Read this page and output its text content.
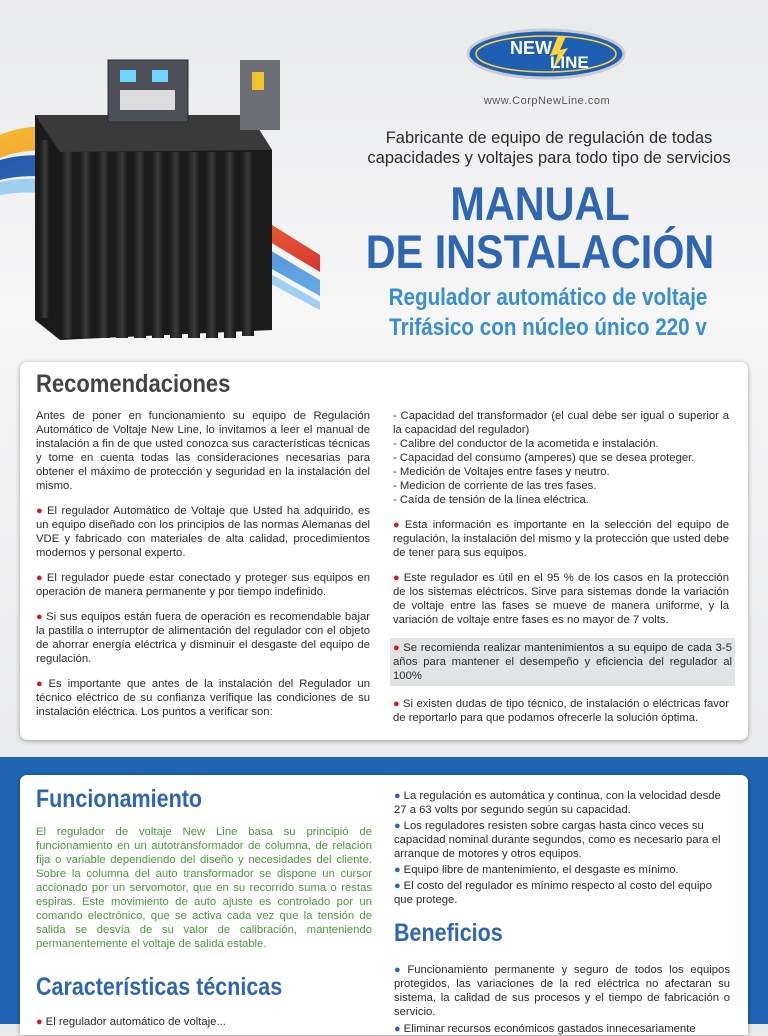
NEW
LINE
www.CorpNewLine.com
Fabricante de equipo de regulación de todas
capacidades y voltajes para todo tipo de servicios
MANUAL
DE INSTALACIÓN
Regulador automático de voltaje
Trifásico con núcleo único 220 v
Recomendaciones

Antes de poner en funcionamiento su equipo de Regulación Automático de Voltaje New Line, lo invitamos a leer el manual de instalación a fin de que usted conozca sus características técnicas y tome en cuenta todas las consideraciones necesarias para obtener el máximo de protección y seguridad en la instalación del mismo.

● El regulador Automático de Voltaje que Usted ha adquirido, es un equipo diseñado con los principios de las normas Alemanas del VDE y fabricado con materiales de alta calidad, procedimientos modernos y personal experto.

● El regulador puede estar conectado y proteger sus equipos en operación de manera permanente y por tiempo indefinido.

● Si sus equipos están fuera de operación es recomendable bajar la pastilla o interruptor de alimentación del regulador con el objeto de ahorrar energía eléctrica y disminuir el desgaste del equipo de regulación.

● Es importante que antes de la instalación del Regulador un técnico eléctrico de su confianza verifique las condiciones de su instalación eléctrica. Los puntos a verificar son:

- Capacidad del transformador (el cual debe ser igual o superior a la capacidad del regulador)
- Calibre del conductor de la acometida e instalación.
- Capacidad del consumo (amperes) que se desea proteger.
- Medición de Voltajes entre fases y neutro.
- Medicion de corriente de las tres fases.
- Caída de tensión de la línea eléctrica.

● Esta información es importante en la selección del equipo de regulación, la instalación del mismo y la protección que usted debe de tener para sus equipos.

● Este regulador es útil en el 95 % de los casos en la protección de los sistemas eléctricos. Sirve para sistemas donde la variación de voltaje entre las fases se mueve de manera uniforme, y la variación de voltaje entre fases es no mayor de 7 volts.

● Se recomienda realizar mantenimientos a su equipo de cada 3-5 años para mantener el desempeño y eficiencia del regulador al 100%

● Si existen dudas de tipo técnico, de instalación o eléctricas favor de reportarlo para que podamos ofrecerle la solución óptima.

Funcionamiento

El regulador de voltaje New Line basa su principió de funcionamiento en un autotransformador de columna, de relación fija o variable dependiendo del diseño y necesidades del cliente. Sobre la columna del auto transformador se dispone un cursor accionado por un servomotor, que en su recorrido suma o restas espiras. Este movimiento de auto ajuste es controlado por un comando electrónico, que se activa cada vez que la tensión de salida se desvía de su valor de calibración, manteniendo permanentemente el voltaje de salida estable.

Características técnicas

● El regulador automático de voltaje...

● La regulación es automática y continua, con la velocidad desde 27 a 63 volts por segundo según su capacidad.
● Los reguladores resisten sobre cargas hasta cinco veces su capacidad nominal durante segundos, como es necesario para el arranque de motores y otros equipos.
● Equipo libre de mantenimiento, el desgaste es mínimo.
● El costo del regulador es mínimo respecto al costo del equipo que protege.
Beneficios
● Funcionamiento permanente y seguro de todos los equipos protegidos, las variaciones de la red eléctrica no afectaran su sistema, la calidad de sus procesos y el tiempo de fabricación o servicio.
● Eliminar recursos económicos gastados innecesariamente
